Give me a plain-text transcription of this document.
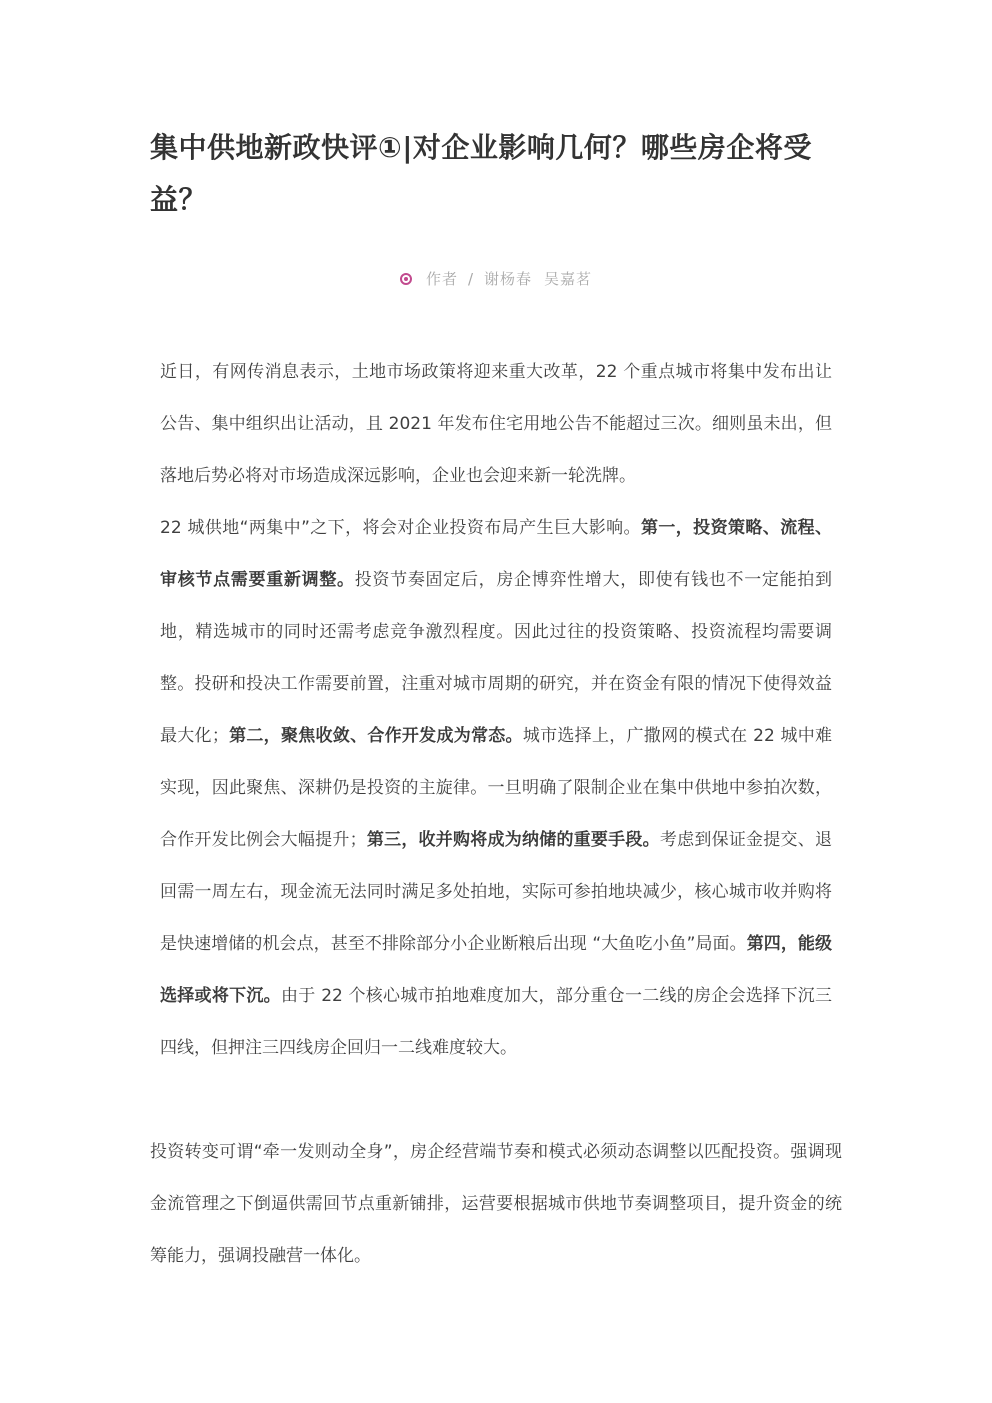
集中供地新政快评①|对企业影响几何？哪些房企将受益？
作者 / 谢杨春 吴嘉茗

近日，有网传消息表示，土地市场政策将迎来重大改革，22 个重点城市将集中发布出让公告、集中组织出让活动，且 2021 年发布住宅用地公告不能超过三次。细则虽未出，但落地后势必将对市场造成深远影响，企业也会迎来新一轮洗牌。

22 城供地“两集中”之下，将会对企业投资布局产生巨大影响。第一，投资策略、流程、审核节点需要重新调整。投资节奏固定后，房企博弈性增大，即使有钱也不一定能拍到地，精选城市的同时还需考虑竞争激烈程度。因此过往的投资策略、投资流程均需要调整。投研和投决工作需要前置，注重对城市周期的研究，并在资金有限的情况下使得效益最大化；第二，聚焦收敛、合作开发成为常态。城市选择上，广撒网的模式在 22 城中难实现，因此聚焦、深耕仍是投资的主旋律。一旦明确了限制企业在集中供地中参拍次数，合作开发比例会大幅提升；第三，收并购将成为纳储的重要手段。考虑到保证金提交、退回需一周左右，现金流无法同时满足多处拍地，实际可参拍地块减少，核心城市收并购将是快速增储的机会点，甚至不排除部分小企业断粮后出现 “大鱼吃小鱼”局面。第四，能级选择或将下沉。由于 22 个核心城市拍地难度加大，部分重仓一二线的房企会选择下沉三四线，但押注三四线房企回归一二线难度较大。

投资转变可谓“牵一发则动全身”，房企经营端节奏和模式必须动态调整以匹配投资。强调现金流管理之下倒逼供需回节点重新铺排，运营要根据城市供地节奏调整项目，提升资金的统筹能力，强调投融营一体化。
